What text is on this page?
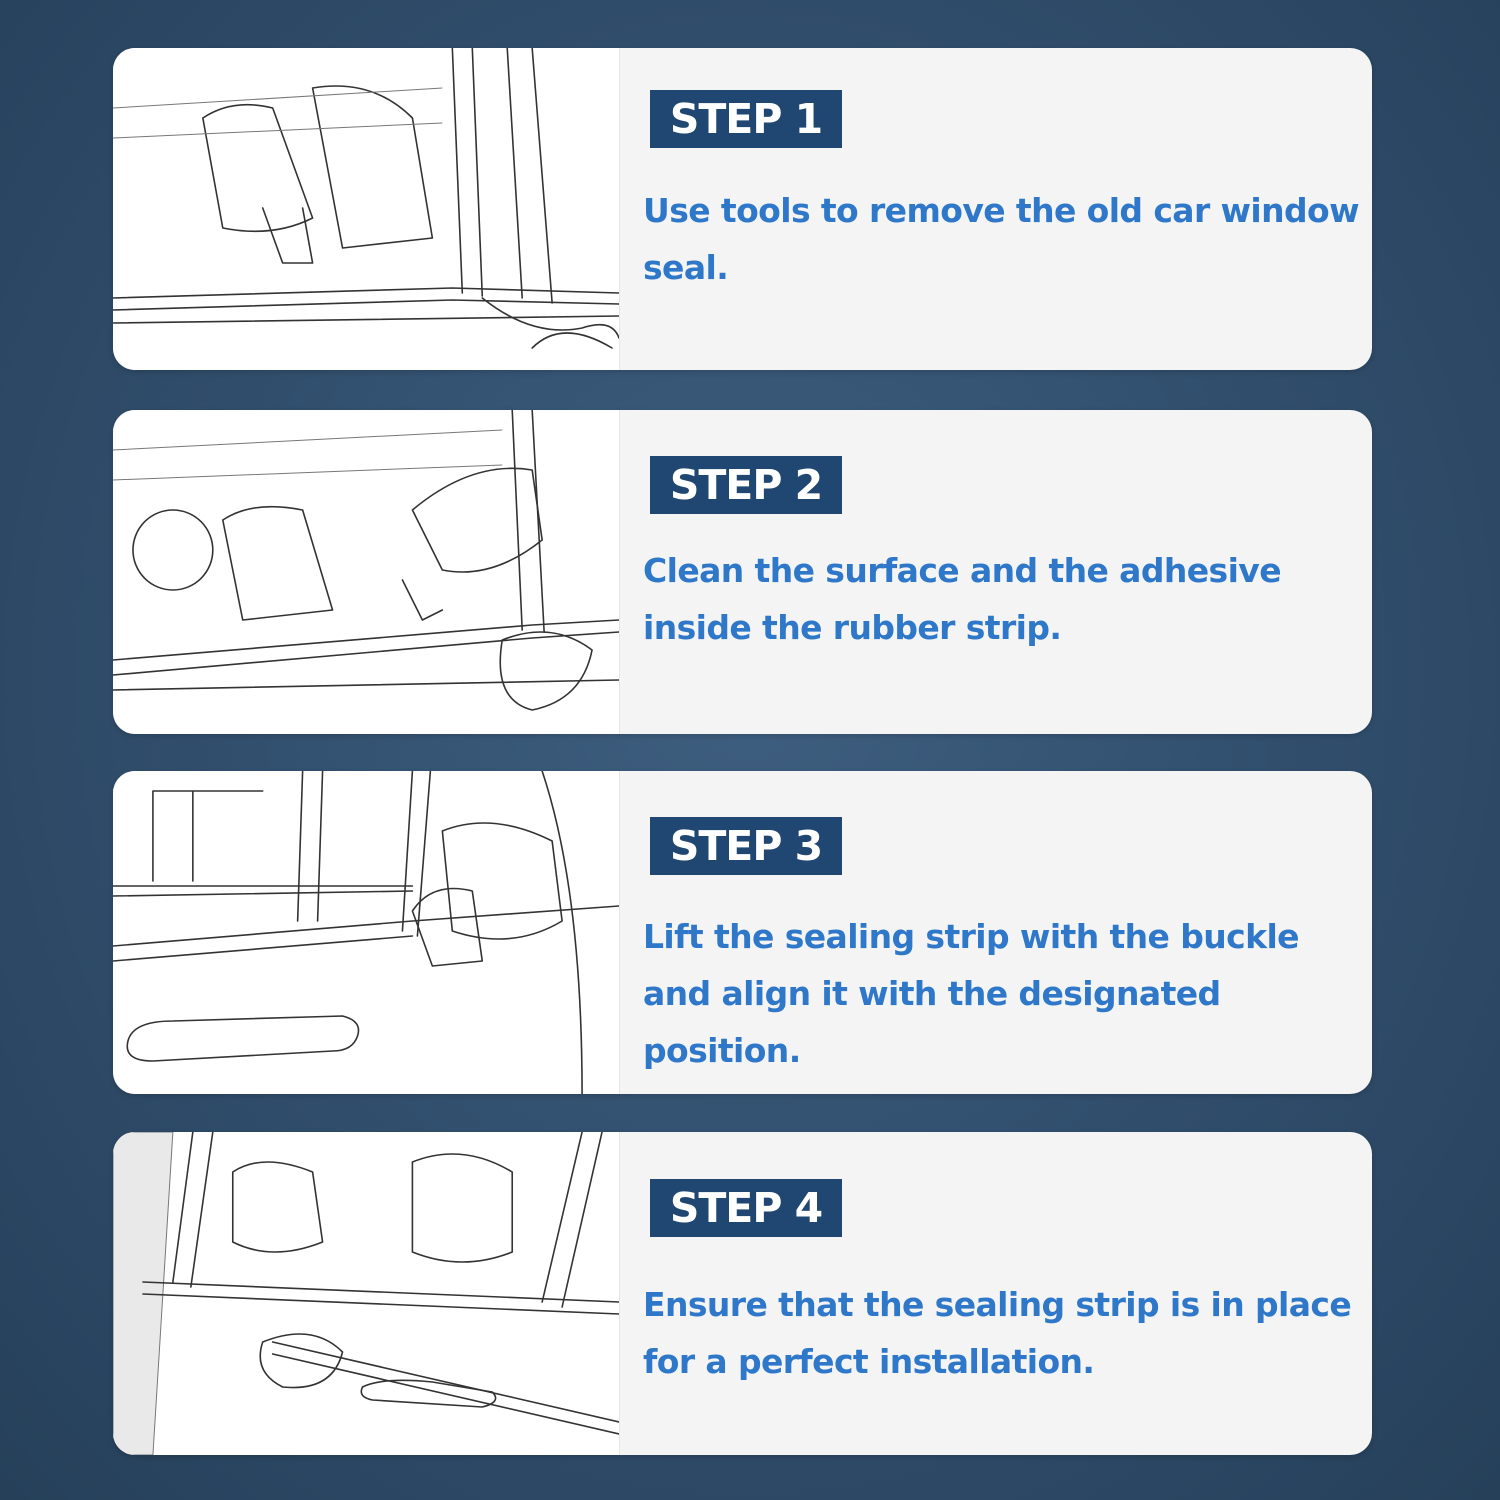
STEP 1
Use tools to remove the old car window seal.
STEP 2
Clean the surface and the adhesive inside the rubber strip.
STEP 3
Lift the sealing strip with the buckle and align it with the designated position.
STEP 4
Ensure that the sealing strip is in place for a perfect installation.
